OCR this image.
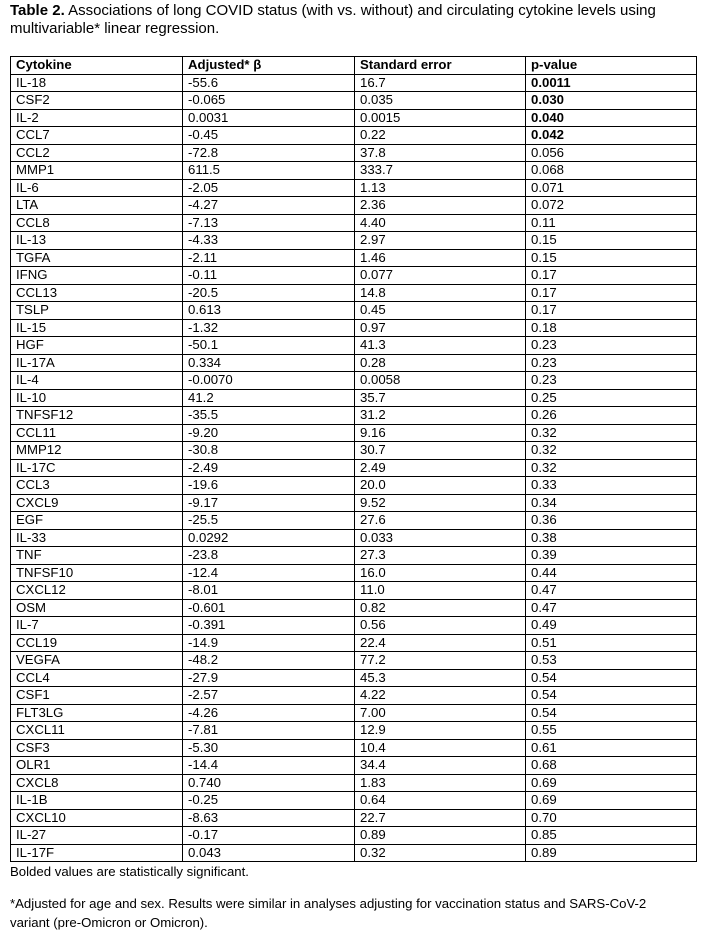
Table 2. Associations of long COVID status (with vs. without) and circulating cytokine levels using multivariable* linear regression.

Cytokine	Adjusted* β	Standard error	p-value
IL-18	-55.6	16.7	0.0011
CSF2	-0.065	0.035	0.030
IL-2	0.0031	0.0015	0.040
CCL7	-0.45	0.22	0.042
CCL2	-72.8	37.8	0.056
MMP1	611.5	333.7	0.068
IL-6	-2.05	1.13	0.071
LTA	-4.27	2.36	0.072
CCL8	-7.13	4.40	0.11
IL-13	-4.33	2.97	0.15
TGFA	-2.11	1.46	0.15
IFNG	-0.11	0.077	0.17
CCL13	-20.5	14.8	0.17
TSLP	0.613	0.45	0.17
IL-15	-1.32	0.97	0.18
HGF	-50.1	41.3	0.23
IL-17A	0.334	0.28	0.23
IL-4	-0.0070	0.0058	0.23
IL-10	41.2	35.7	0.25
TNFSF12	-35.5	31.2	0.26
CCL11	-9.20	9.16	0.32
MMP12	-30.8	30.7	0.32
IL-17C	-2.49	2.49	0.32
CCL3	-19.6	20.0	0.33
CXCL9	-9.17	9.52	0.34
EGF	-25.5	27.6	0.36
IL-33	0.0292	0.033	0.38
TNF	-23.8	27.3	0.39
TNFSF10	-12.4	16.0	0.44
CXCL12	-8.01	11.0	0.47
OSM	-0.601	0.82	0.47
IL-7	-0.391	0.56	0.49
CCL19	-14.9	22.4	0.51
VEGFA	-48.2	77.2	0.53
CCL4	-27.9	45.3	0.54
CSF1	-2.57	4.22	0.54
FLT3LG	-4.26	7.00	0.54
CXCL11	-7.81	12.9	0.55
CSF3	-5.30	10.4	0.61
OLR1	-14.4	34.4	0.68
CXCL8	0.740	1.83	0.69
IL-1B	-0.25	0.64	0.69
CXCL10	-8.63	22.7	0.70
IL-27	-0.17	0.89	0.85
IL-17F	0.043	0.32	0.89

Bolded values are statistically significant.

*Adjusted for age and sex. Results were similar in analyses adjusting for vaccination status and SARS-CoV-2 variant (pre-Omicron or Omicron).
